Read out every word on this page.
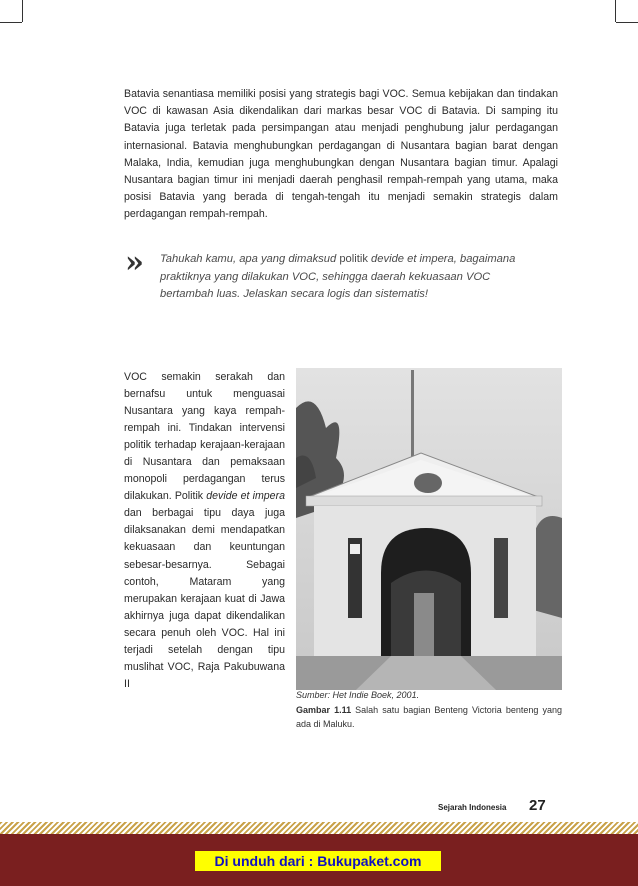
Batavia senantiasa memiliki posisi yang strategis bagi VOC. Semua kebijakan dan tindakan VOC di kawasan Asia dikendalikan dari markas besar VOC di Batavia. Di samping itu Batavia juga terletak pada persimpangan atau menjadi penghubung jalur perdagangan internasional. Batavia menghubungkan perdagangan di Nusantara bagian barat dengan Malaka, India, kemudian juga menghubungkan dengan Nusantara bagian timur. Apalagi Nusantara bagian timur ini menjadi daerah penghasil rempah-rempah yang utama, maka posisi Batavia yang berada di tengah-tengah itu menjadi semakin strategis dalam perdagangan rempah-rempah.

›› Tahukah kamu, apa yang dimaksud politik devide et impera, bagaimana praktiknya yang dilakukan VOC, sehingga daerah kekuasaan VOC bertambah luas. Jelaskan secara logis dan sistematis!

VOC semakin serakah dan bernafsu untuk menguasai Nusantara yang kaya rempah-rempah ini. Tindakan intervensi politik terhadap kerajaan-kerajaan di Nusantara dan pemaksaan monopoli perdagangan terus dilakukan. Politik devide et impera dan berbagai tipu daya juga dilaksanakan demi mendapatkan kekuasaan dan keuntungan sebesar-besarnya. Sebagai contoh, Mataram yang merupakan kerajaan kuat di Jawa akhirnya juga dapat dikendalikan secara penuh oleh VOC. Hal ini terjadi setelah dengan tipu muslihat VOC, Raja Pakubuwana II

Sumber: Het Indie Boek, 2001.

Gambar 1.11 Salah satu bagian Benteng Victoria benteng yang ada di Maluku.

Sejarah Indonesia 27
Di unduh dari : Bukupaket.com
